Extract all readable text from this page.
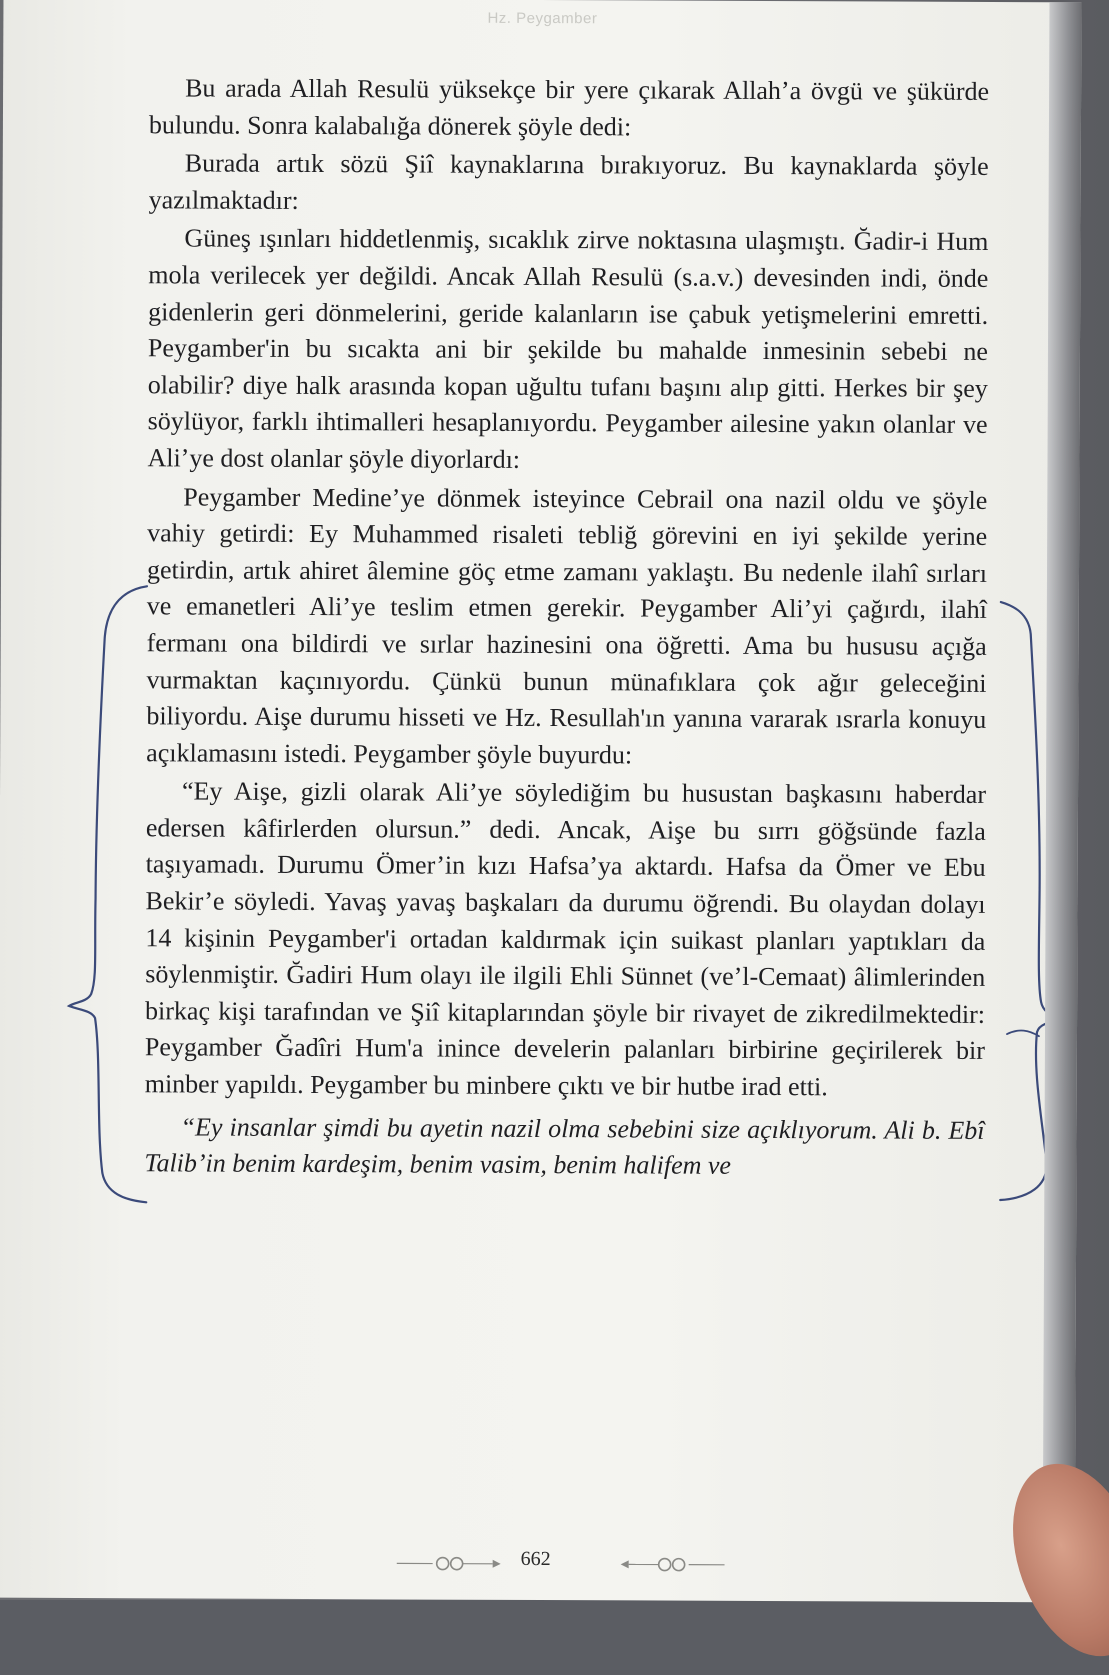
Hz. Peygamber

Bu arada Allah Resulü yüksekçe bir yere çıkarak Allah’a övgü ve şükürde bulundu. Sonra kalabalığa dönerek şöyle dedi:

Burada artık sözü Şiî kaynaklarına bırakıyoruz. Bu kaynaklarda şöyle yazılmaktadır:

Güneş ışınları hiddetlenmiş, sıcaklık zirve noktasına ulaşmıştı. Ğadir-i Hum mola verilecek yer değildi. Ancak Allah Resulü (s.a.v.) devesinden indi, önde gidenlerin geri dönmelerini, geride kalanların ise çabuk yetişmelerini emretti. Peygamber'in bu sıcakta ani bir şekilde bu mahalde inmesinin sebebi ne olabilir? diye halk arasında kopan uğultu tufanı başını alıp gitti. Herkes bir şey söylüyor, farklı ihtimalleri hesaplanıyordu. Peygamber ailesine yakın olanlar ve Ali’ye dost olanlar şöyle diyorlardı:

Peygamber Medine’ye dönmek isteyince Cebrail ona nazil oldu ve şöyle vahiy getirdi: Ey Muhammed risaleti tebliğ görevini en iyi şekilde yerine getirdin, artık ahiret âlemine göç etme zamanı yaklaştı. Bu nedenle ilahî sırları ve emanetleri Ali’ye teslim etmen gerekir. Peygamber Ali’yi çağırdı, ilahî fermanı ona bildirdi ve sırlar hazinesini ona öğretti. Ama bu hususu açığa vurmaktan kaçınıyordu. Çünkü bunun münafıklara çok ağır geleceğini biliyordu. Aişe durumu hisseti ve Hz. Resullah'ın yanına vararak ısrarla konuyu açıklamasını istedi. Peygamber şöyle buyurdu:

“Ey Aişe, gizli olarak Ali’ye söylediğim bu husustan başkasını haberdar edersen kâfirlerden olursun.” dedi. Ancak, Aişe bu sırrı göğsünde fazla taşıyamadı. Durumu Ömer’in kızı Hafsa’ya aktardı. Hafsa da Ömer ve Ebu Bekir’e söyledi. Yavaş yavaş başkaları da durumu öğrendi. Bu olaydan dolayı 14 kişinin Peygamber'i ortadan kaldırmak için suikast planları yaptıkları da söylenmiştir. Ğadiri Hum olayı ile ilgili Ehli Sünnet (ve’l-Cemaat) âlimlerinden birkaç kişi tarafından ve Şiî kitaplarından şöyle bir rivayet de zikredilmektedir: Peygamber Ğadîri Hum'a inince develerin palanları birbirine geçirilerek bir minber yapıldı. Peygamber bu minbere çıktı ve bir hutbe irad etti.

“Ey insanlar şimdi bu ayetin nazil olma sebebini size açıklıyorum. Ali b. Ebî Talib’in benim kardeşim, benim vasim, benim halifem ve

662
